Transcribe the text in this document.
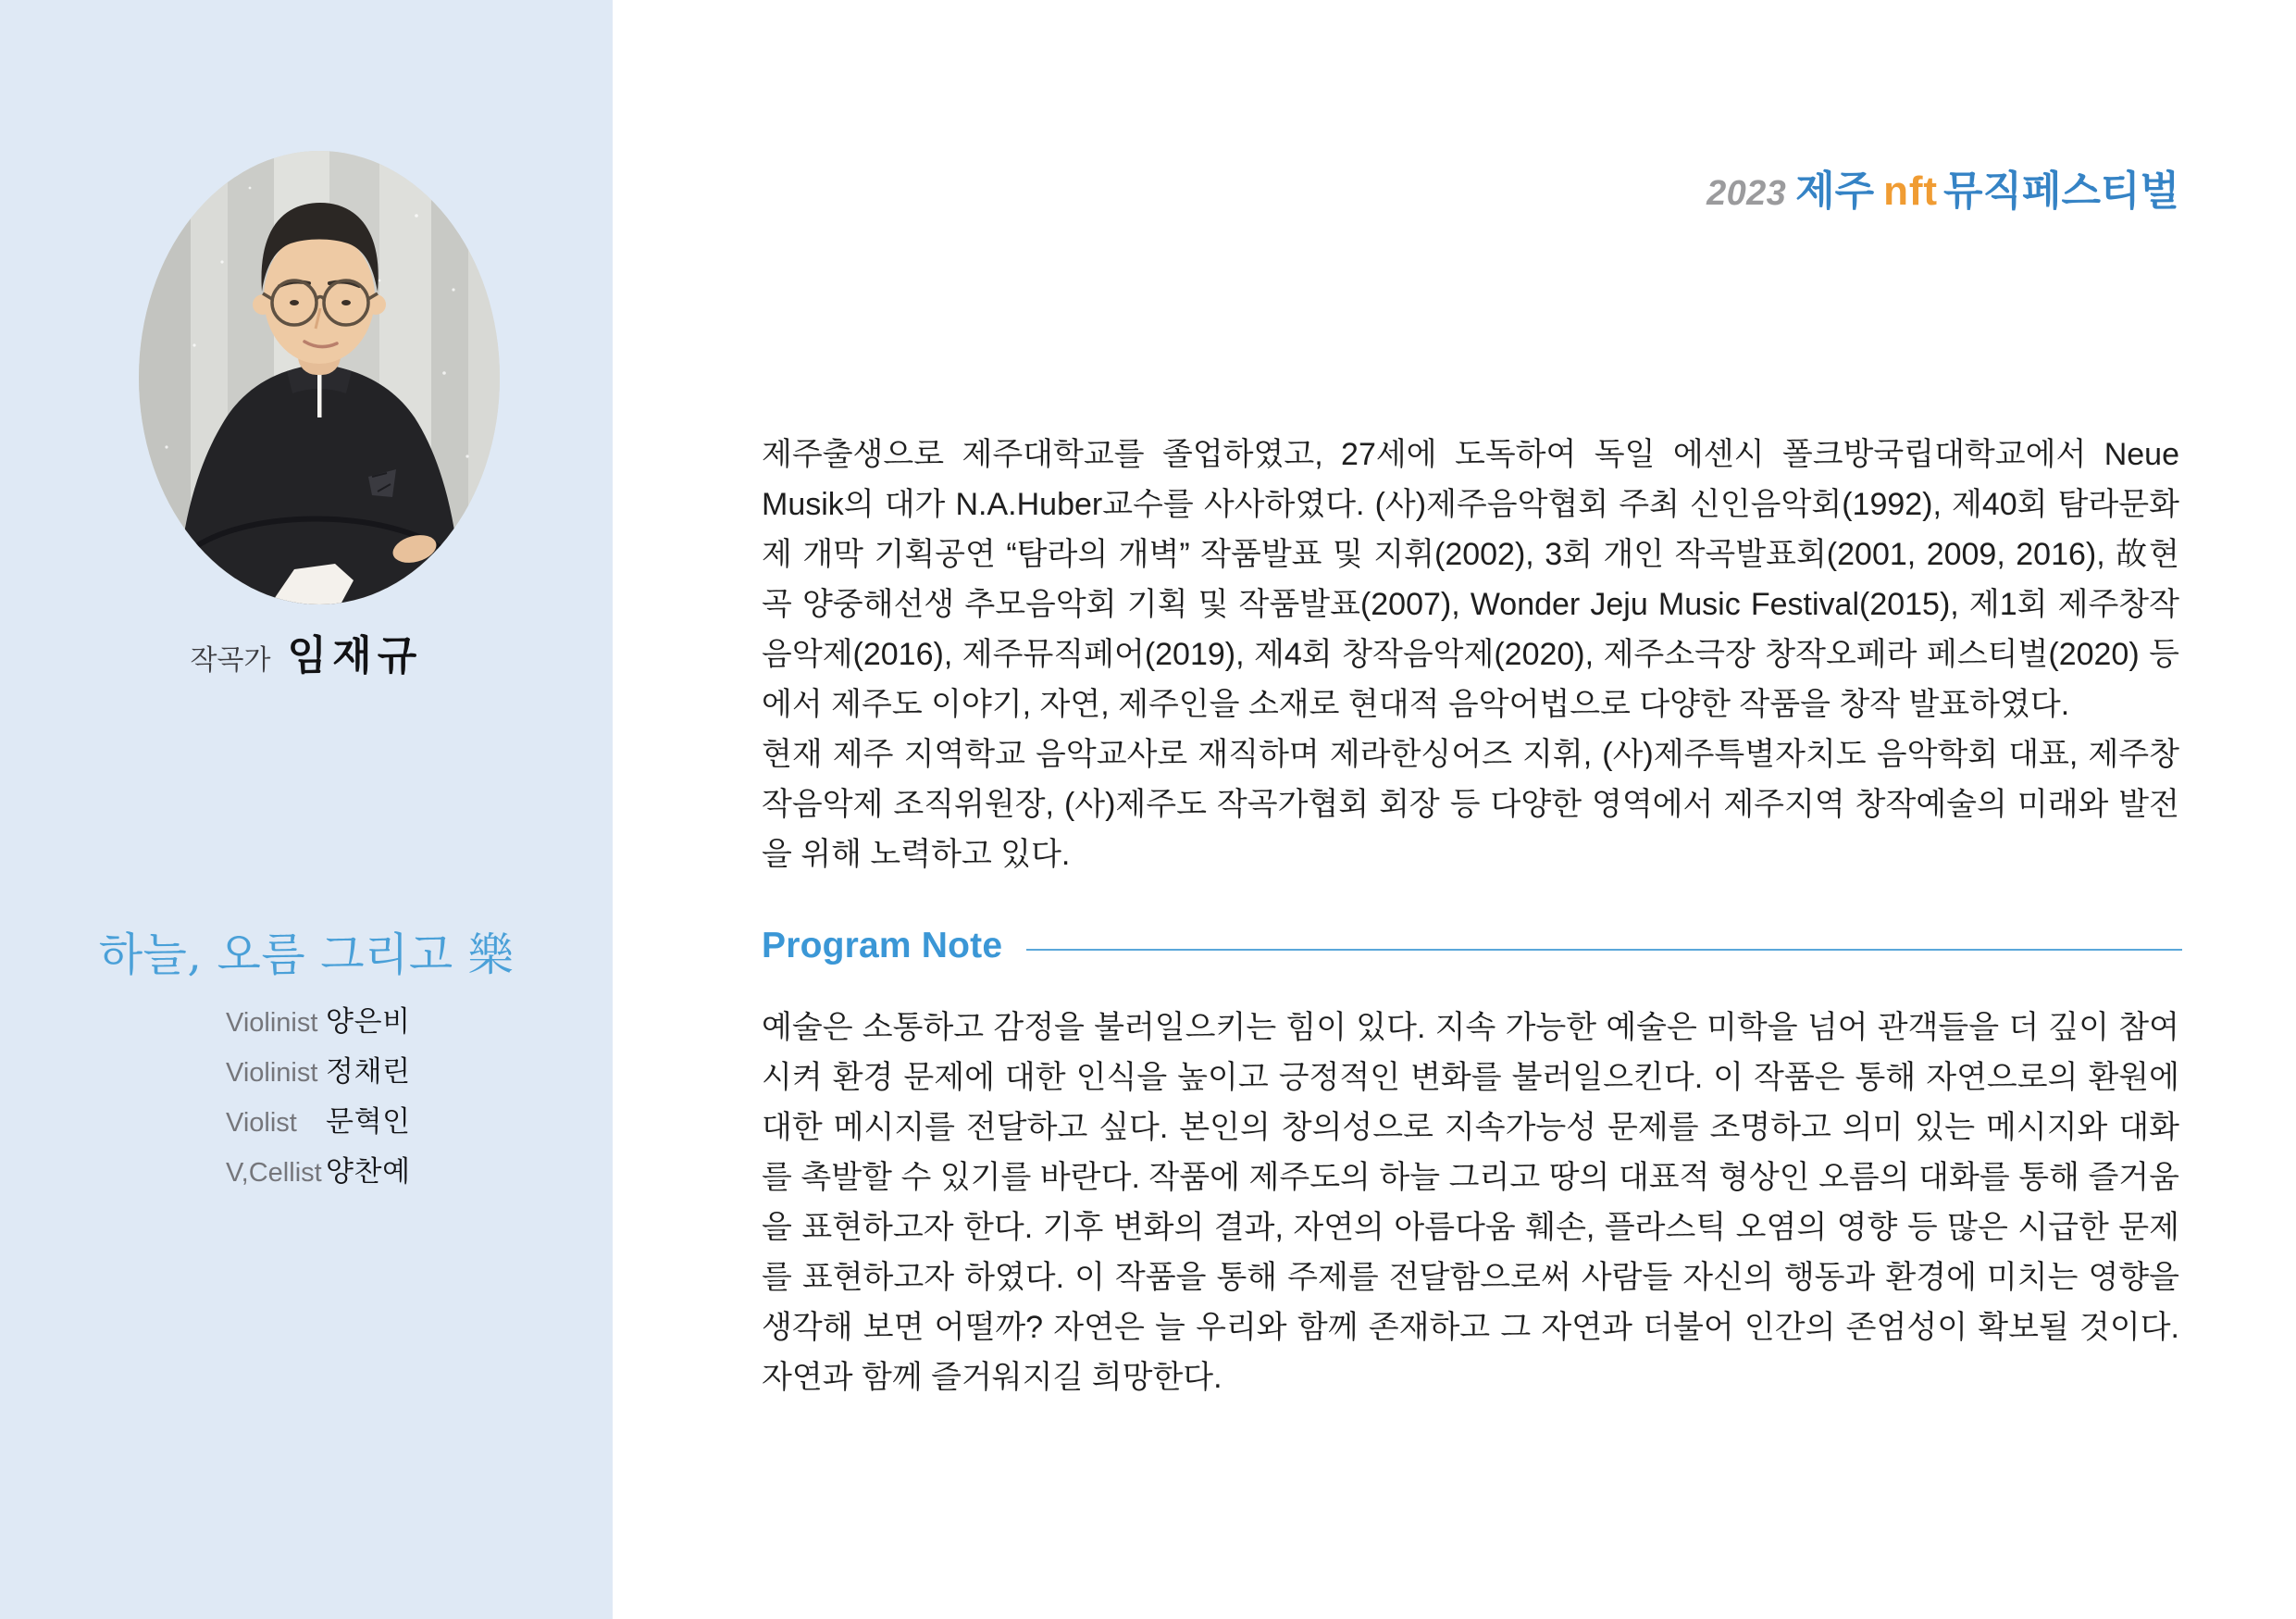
작곡가 임재규
하늘, 오름 그리고 樂
Violinist 양은비
Violinist 정채린
Violist	문혁인
V,Cellist 양찬예
2023 제주 nft 뮤직페스티벌

제주출생으로 제주대학교를 졸업하였고, 27세에 도독하여 독일 에센시 폴크방국립대학교에서 Neue Musik의 대가 N.A.Huber교수를 사사하였다. (사)제주음악협회 주최 신인음악회(1992), 제40회 탐라문화제 개막 기획공연 “탐라의 개벽” 작품발표 및 지휘(2002), 3회 개인 작곡발표회(2001, 2009, 2016), 故현곡 양중해선생 추모음악회 기획 및 작품발표(2007), Wonder Jeju Music Festival(2015), 제1회 제주창작음악제(2016), 제주뮤직페어(2019), 제4회 창작음악제(2020), 제주소극장 창작오페라 페스티벌(2020) 등에서 제주도 이야기, 자연, 제주인을 소재로 현대적 음악어법으로 다양한 작품을 창작 발표하였다.

현재 제주 지역학교 음악교사로 재직하며 제라한싱어즈 지휘, (사)제주특별자치도 음악학회 대표, 제주창작음악제 조직위원장, (사)제주도 작곡가협회 회장 등 다양한 영역에서 제주지역 창작예술의 미래와 발전을 위해 노력하고 있다.

Program Note

예술은 소통하고 감정을 불러일으키는 힘이 있다. 지속 가능한 예술은 미학을 넘어 관객들을 더 깊이 참여시켜 환경 문제에 대한 인식을 높이고 긍정적인 변화를 불러일으킨다. 이 작품은 통해 자연으로의 환원에 대한 메시지를 전달하고 싶다. 본인의 창의성으로 지속가능성 문제를 조명하고 의미 있는 메시지와 대화를 촉발할 수 있기를 바란다. 작품에 제주도의 하늘 그리고 땅의 대표적 형상인 오름의 대화를 통해 즐거움을 표현하고자 한다. 기후 변화의 결과, 자연의 아름다움 훼손, 플라스틱 오염의 영향 등 많은 시급한 문제를 표현하고자 하였다. 이 작품을 통해 주제를 전달함으로써 사람들 자신의 행동과 환경에 미치는 영향을 생각해 보면 어떨까? 자연은 늘 우리와 함께 존재하고 그 자연과 더불어 인간의 존엄성이 확보될 것이다. 자연과 함께 즐거워지길 희망한다.
